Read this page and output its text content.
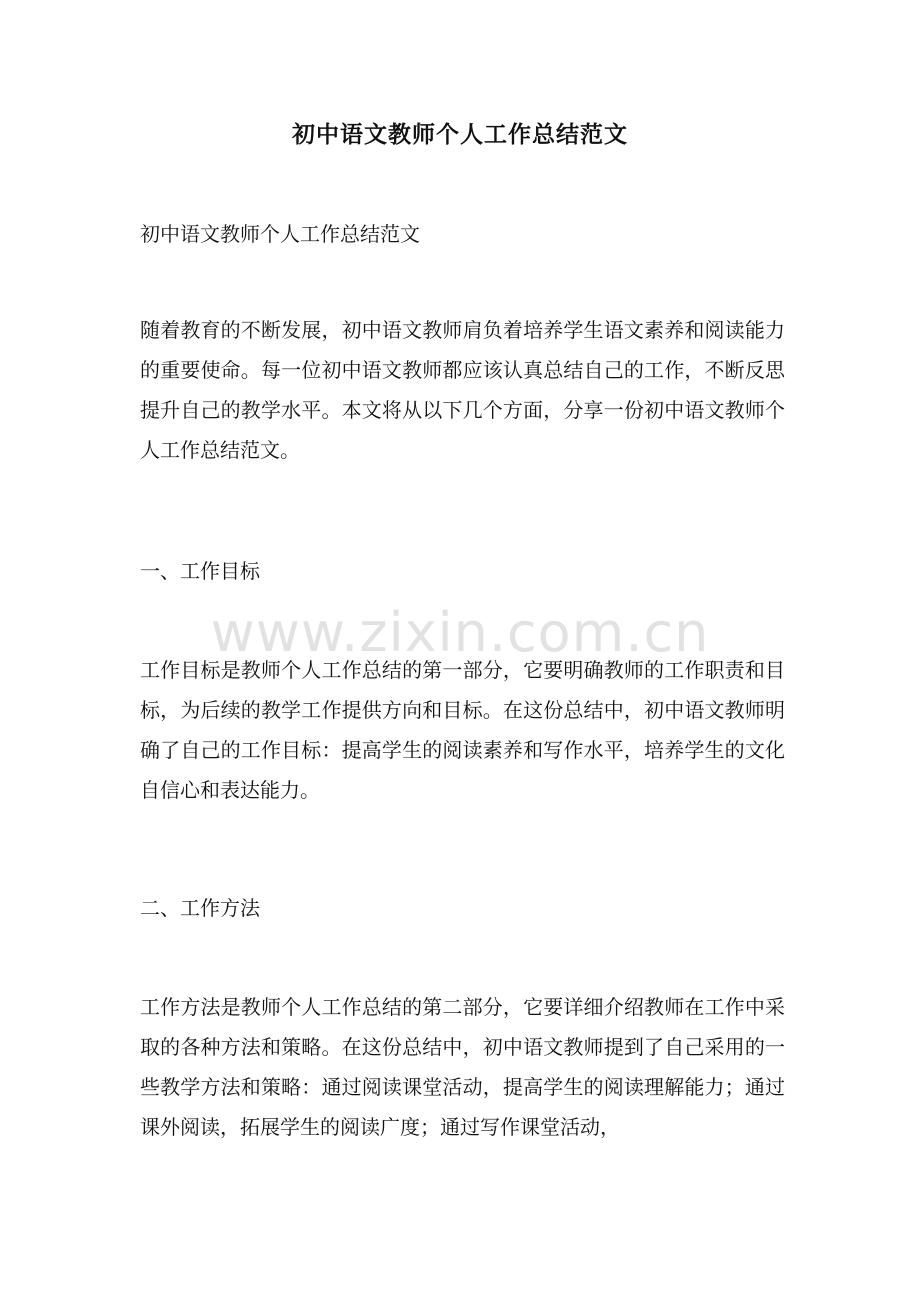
初中语文教师个人工作总结范文
初中语文教师个人工作总结范文
随着教育的不断发展，初中语文教师肩负着培养学生语文素养和阅读能力的重要使命。每一位初中语文教师都应该认真总结自己的工作，不断反思提升自己的教学水平。本文将从以下几个方面，分享一份初中语文教师个人工作总结范文。
一、工作目标
工作目标是教师个人工作总结的第一部分，它要明确教师的工作职责和目标，为后续的教学工作提供方向和目标。在这份总结中，初中语文教师明确了自己的工作目标：提高学生的阅读素养和写作水平，培养学生的文化自信心和表达能力。
二、工作方法
工作方法是教师个人工作总结的第二部分，它要详细介绍教师在工作中采取的各种方法和策略。在这份总结中，初中语文教师提到了自己采用的一些教学方法和策略：通过阅读课堂活动，提高学生的阅读理解能力；通过课外阅读，拓展学生的阅读广度；通过写作课堂活动，
www.zixin.com.cn
